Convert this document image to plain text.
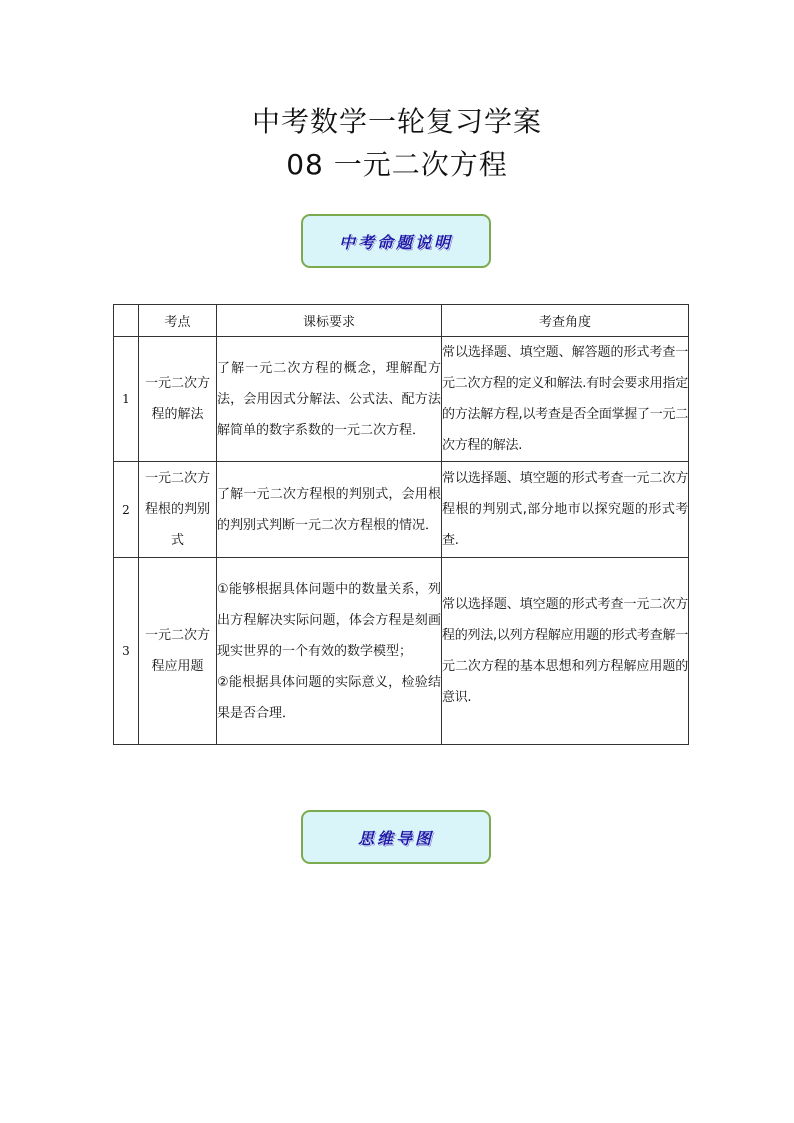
中考数学一轮复习学案
08 一元二次方程
中考命题说明
	考点	课标要求	考查角度
1	一元二次方程的解法	了解一元二次方程的概念，理解配方法，会用因式分解法、公式法、配方法解简单的数字系数的一元二次方程．	常以选择题、填空题、解答题的形式考查一元二次方程的定义和解法.有时会要求用指定的方法解方程,以考查是否全面掌握了一元二次方程的解法.
2	一元二次方程根的判别式	了解一元二次方程根的判别式，会用根的判别式判断一元二次方程根的情况．	常以选择题、填空题的形式考查一元二次方程根的判别式,部分地市以探究题的形式考查.
3	一元二次方程应用题	①能够根据具体问题中的数量关系，列出方程解决实际问题，体会方程是刻画现实世界的一个有效的数学模型；
②能根据具体问题的实际意义，检验结果是否合理．	常以选择题、填空题的形式考查一元二次方程的列法,以列方程解应用题的形式考查解一元二次方程的基本思想和列方程解应用题的意识.
思维导图
